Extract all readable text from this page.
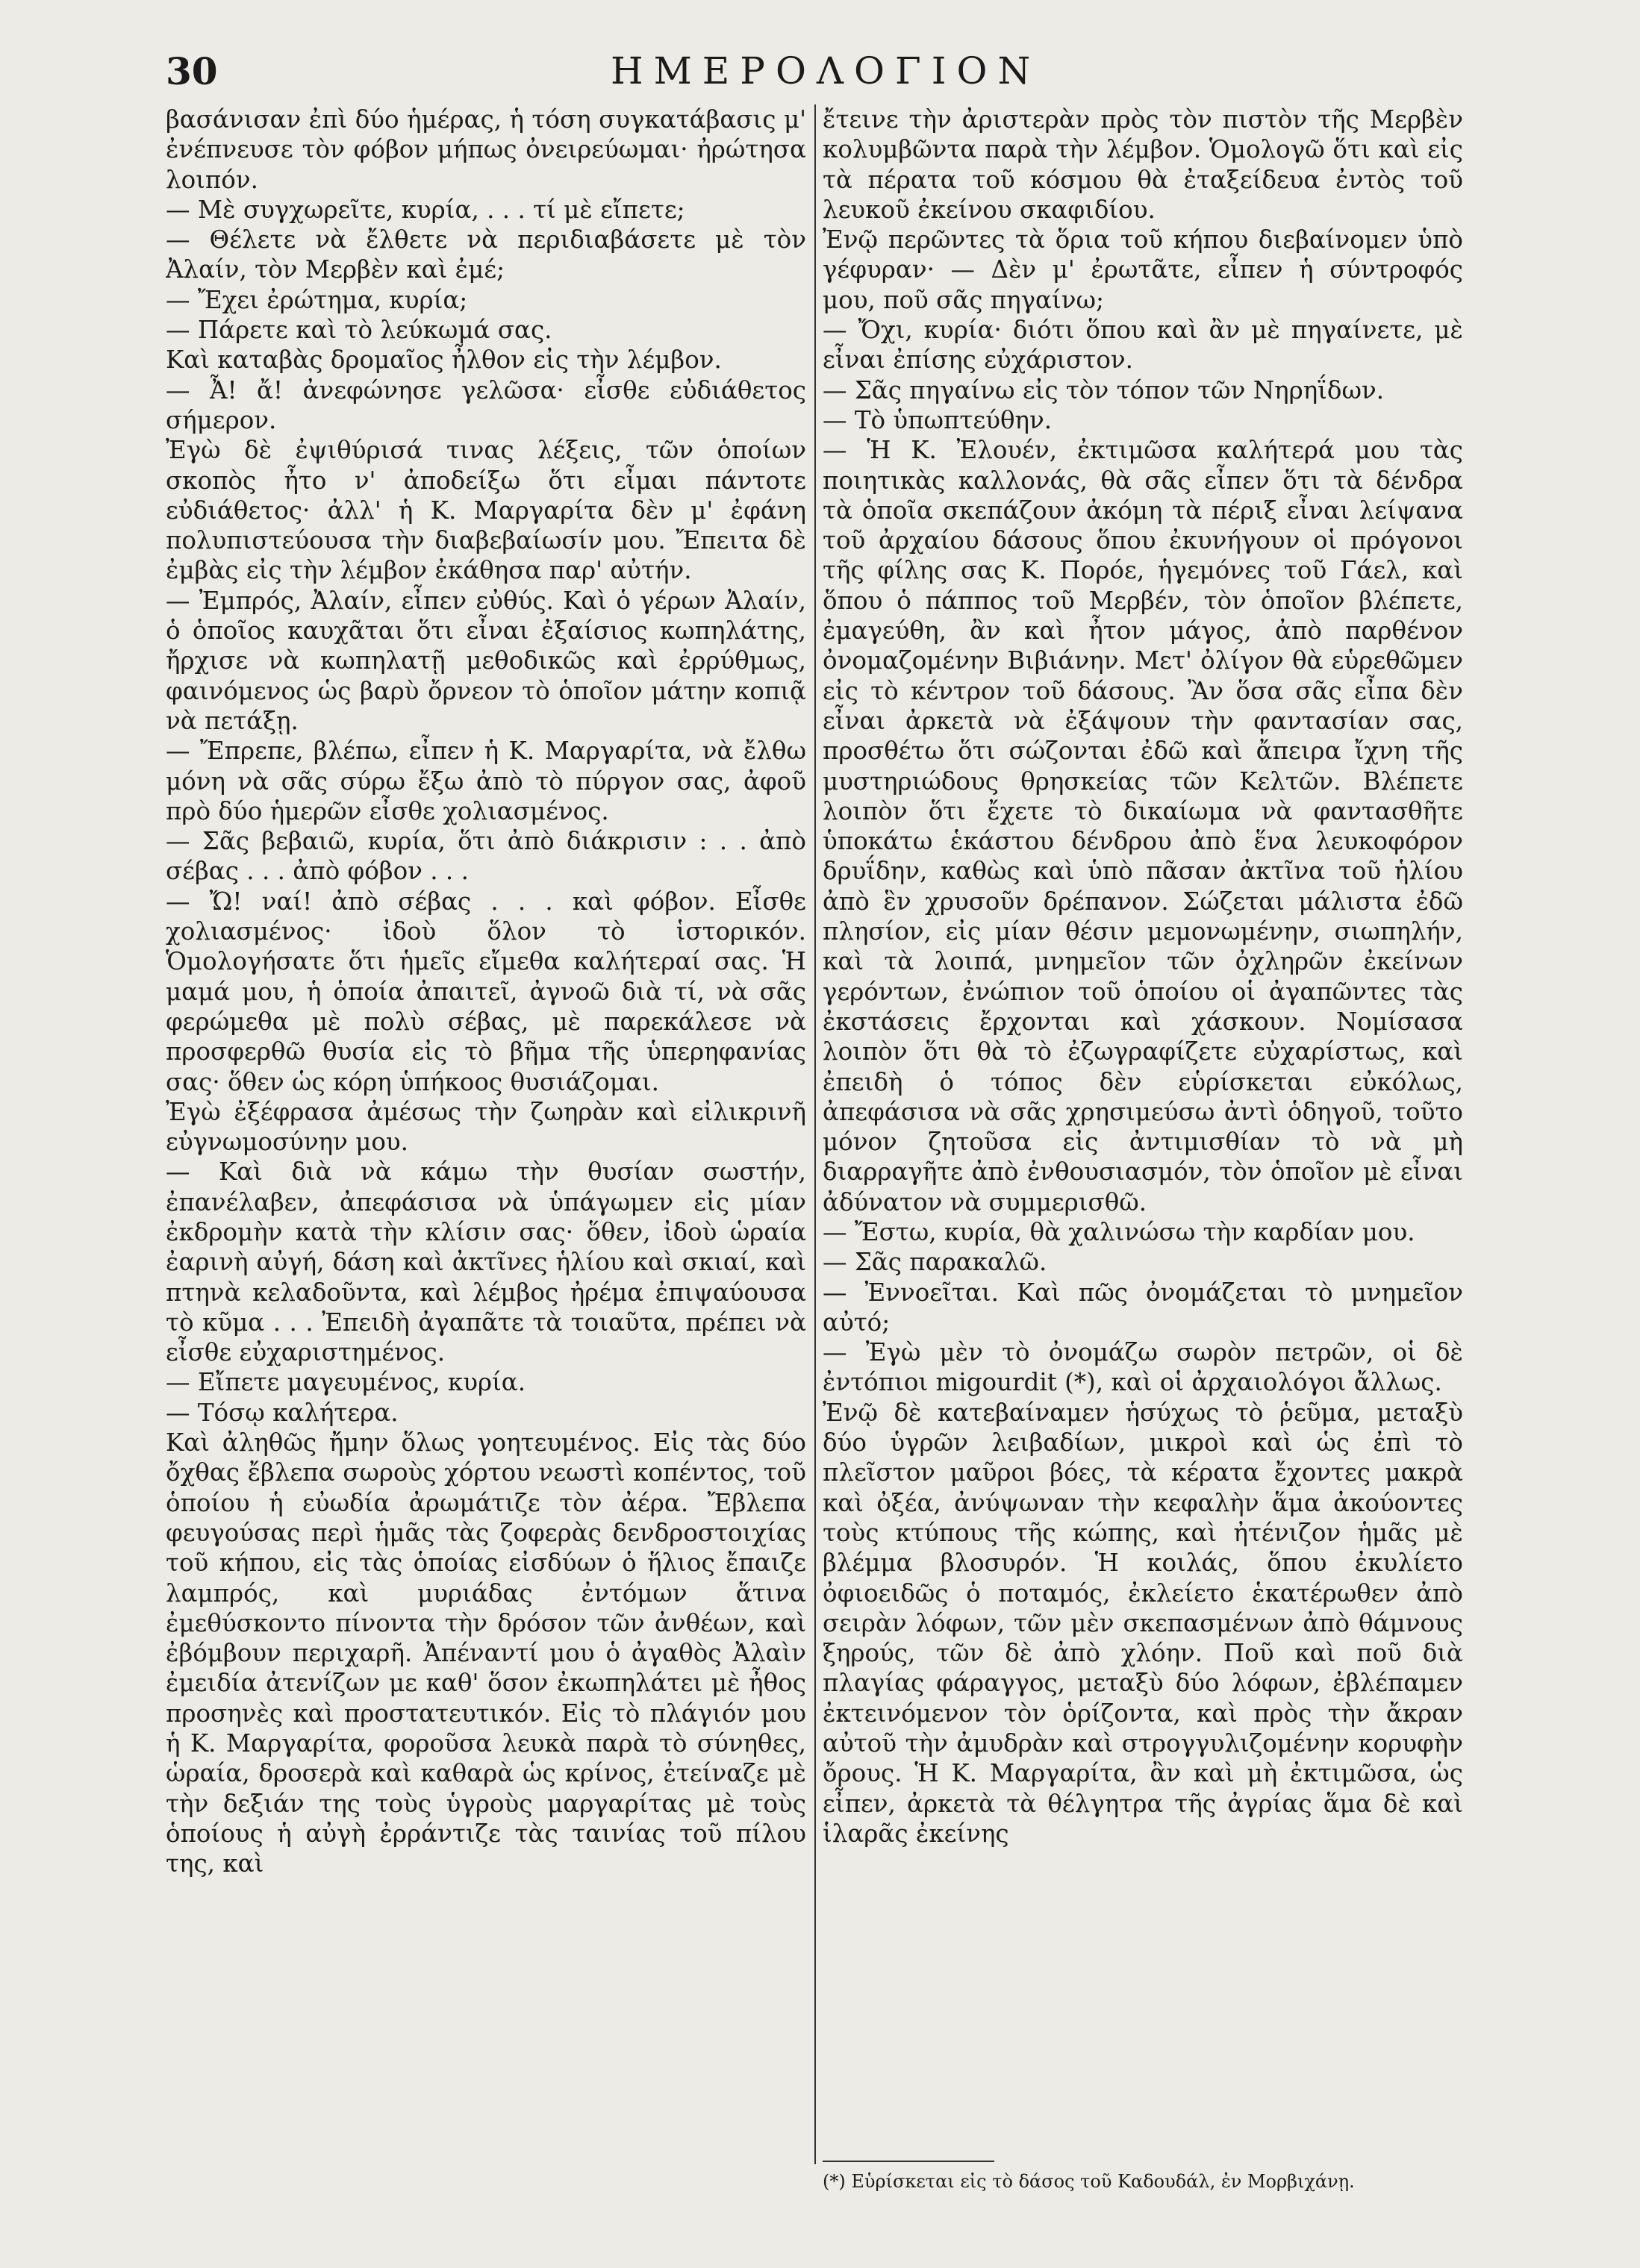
30	ΗΜΕΡΟΛΟΓΙΟΝ

βασάνισαν ἐπὶ δύο ἡμέρας, ἡ τόση συγκατάβασις μ' ἐνέπνευσε τὸν φόβον μήπως ὀνειρεύωμαι· ἠρώτησα λοιπόν.

— Μὲ συγχωρεῖτε, κυρία, . . . τί μὲ εἴπετε;

— Θέλετε νὰ ἔλθετε νὰ περιδιαβάσετε μὲ τὸν Ἀλαίν, τὸν Μερβὲν καὶ ἐμέ;

— Ἔχει ἐρώτημα, κυρία;

— Πάρετε καὶ τὸ λεύκωμά σας.

Καὶ καταβὰς δρομαῖος ἦλθον εἰς τὴν λέμβον.

— Ἆ! ἄ! ἀνεφώνησε γελῶσα· εἶσθε εὐδιάθετος σήμερον.

Ἐγὼ δὲ ἐψιθύρισά τινας λέξεις, τῶν ὁποίων σκοπὸς ἦτο ν' ἀποδείξω ὅτι εἶμαι πάντοτε εὐδιάθετος· ἀλλ' ἡ Κ. Μαργαρίτα δὲν μ' ἐφάνη πολυπιστεύουσα τὴν διαβεβαίωσίν μου. Ἔπειτα δὲ ἐμβὰς εἰς τὴν λέμβον ἐκάθησα παρ' αὐτήν.

— Ἐμπρός, Ἀλαίν, εἶπεν εὐθύς. Καὶ ὁ γέρων Ἀλαίν, ὁ ὁποῖος καυχᾶται ὅτι εἶναι ἐξαίσιος κωπηλάτης, ἤρχισε νὰ κωπηλατῇ μεθοδικῶς καὶ ἐρρύθμως, φαινόμενος ὡς βαρὺ ὄρνεον τὸ ὁποῖον μάτην κοπιᾷ νὰ πετάξῃ.

— Ἔπρεπε, βλέπω, εἶπεν ἡ Κ. Μαργαρίτα, νὰ ἔλθω μόνη νὰ σᾶς σύρω ἔξω ἀπὸ τὸ πύργον σας, ἀφοῦ πρὸ δύο ἡμερῶν εἶσθε χολιασμένος.

— Σᾶς βεβαιῶ, κυρία, ὅτι ἀπὸ διάκρισιν : . . ἀπὸ σέβας . . . ἀπὸ φόβον . . .

— Ὤ! ναί! ἀπὸ σέβας . . . καὶ φόβον. Εἶσθε χολιασμένος· ἰδοὺ ὅλον τὸ ἱστορικόν. Ὁμολογήσατε ὅτι ἡμεῖς εἴμεθα καλήτεραί σας. Ἡ μαμά μου, ἡ ὁποία ἀπαιτεῖ, ἀγνοῶ διὰ τί, νὰ σᾶς φερώμεθα μὲ πολὺ σέβας, μὲ παρεκάλεσε νὰ προσφερθῶ θυσία εἰς τὸ βῆμα τῆς ὑπερηφανίας σας· ὅθεν ὡς κόρη ὑπήκοος θυσιάζομαι.

Ἐγὼ ἐξέφρασα ἀμέσως τὴν ζωηρὰν καὶ εἰλικρινῆ εὐγνωμοσύνην μου.

— Καὶ διὰ νὰ κάμω τὴν θυσίαν σωστήν, ἐπανέλαβεν, ἀπεφάσισα νὰ ὑπάγωμεν εἰς μίαν ἐκδρομὴν κατὰ τὴν κλίσιν σας· ὅθεν, ἰδοὺ ὡραία ἐαρινὴ αὐγή, δάση καὶ ἀκτῖνες ἡλίου καὶ σκιαί, καὶ πτηνὰ κελαδοῦντα, καὶ λέμβος ἠρέμα ἐπιψαύουσα τὸ κῦμα . . . Ἐπειδὴ ἀγαπᾶτε τὰ τοιαῦτα, πρέπει νὰ εἶσθε εὐχαριστημένος.

— Εἴπετε μαγευμένος, κυρία.

— Τόσῳ καλήτερα.

Καὶ ἀληθῶς ἤμην ὅλως γοητευμένος. Εἰς τὰς δύο ὄχθας ἔβλεπα σωροὺς χόρτου νεωστὶ κοπέντος, τοῦ ὁποίου ἡ εὐωδία ἀρωμάτιζε τὸν ἀέρα. Ἔβλεπα φευγούσας περὶ ἡμᾶς τὰς ζοφερὰς δενδροστοιχίας τοῦ κήπου, εἰς τὰς ὁποίας εἰσδύων ὁ ἥλιος ἔπαιζε λαμπρός, καὶ μυριάδας ἐντόμων ἅτινα ἐμεθύσκοντο πίνοντα τὴν δρόσον τῶν ἀνθέων, καὶ ἐβόμβουν περιχαρῆ. Ἀπέναντί μου ὁ ἀγαθὸς Ἀλαὶν ἐμειδία ἀτενίζων με καθ' ὅσον ἐκωπηλάτει μὲ ἦθος προσηνὲς καὶ προστατευτικόν. Εἰς τὸ πλάγιόν μου ἡ Κ. Μαργαρίτα, φοροῦσα λευκὰ παρὰ τὸ σύνηθες, ὡραία, δροσερὰ καὶ καθαρὰ ὡς κρίνος, ἐτείναζε μὲ τὴν δεξιάν της τοὺς ὑγροὺς μαργαρίτας μὲ τοὺς ὁποίους ἡ αὐγὴ ἐρράντιζε τὰς ταινίας τοῦ πίλου της, καὶ

ἔτεινε τὴν ἀριστερὰν πρὸς τὸν πιστὸν τῆς Μερβὲν κολυμβῶντα παρὰ τὴν λέμβον. Ὁμολογῶ ὅτι καὶ εἰς τὰ πέρατα τοῦ κόσμου θὰ ἐταξείδευα ἐντὸς τοῦ λευκοῦ ἐκείνου σκαφιδίου.

Ἐνῷ περῶντες τὰ ὅρια τοῦ κήπου διεβαίνομεν ὑπὸ γέφυραν· — Δὲν μ' ἐρωτᾶτε, εἶπεν ἡ σύντροφός μου, ποῦ σᾶς πηγαίνω;

— Ὄχι, κυρία· διότι ὅπου καὶ ἂν μὲ πηγαίνετε, μὲ εἶναι ἐπίσης εὐχάριστον.

— Σᾶς πηγαίνω εἰς τὸν τόπον τῶν Νηρηΐδων.

— Τὸ ὑπωπτεύθην.

— Ἡ Κ. Ἐλουέν, ἐκτιμῶσα καλήτερά μου τὰς ποιητικὰς καλλονάς, θὰ σᾶς εἶπεν ὅτι τὰ δένδρα τὰ ὁποῖα σκεπάζουν ἀκόμη τὰ πέριξ εἶναι λείψανα τοῦ ἀρχαίου δάσους ὅπου ἐκυνήγουν οἱ πρόγονοι τῆς φίλης σας Κ. Πορόε, ἡγεμόνες τοῦ Γάελ, καὶ ὅπου ὁ πάππος τοῦ Μερβέν, τὸν ὁποῖον βλέπετε, ἐμαγεύθη, ἂν καὶ ἦτον μάγος, ἀπὸ παρθένον ὀνομαζομένην Βιβιάνην. Μετ' ὀλίγον θὰ εὑρεθῶμεν εἰς τὸ κέντρον τοῦ δάσους. Ἂν ὅσα σᾶς εἶπα δὲν εἶναι ἀρκετὰ νὰ ἐξάψουν τὴν φαντασίαν σας, προσθέτω ὅτι σώζονται ἐδῶ καὶ ἄπειρα ἴχνη τῆς μυστηριώδους θρησκείας τῶν Κελτῶν. Βλέπετε λοιπὸν ὅτι ἔχετε τὸ δικαίωμα νὰ φαντασθῆτε ὑποκάτω ἑκάστου δένδρου ἀπὸ ἕνα λευκοφόρον δρυΐδην, καθὼς καὶ ὑπὸ πᾶσαν ἀκτῖνα τοῦ ἡλίου ἀπὸ ἓν χρυσοῦν δρέπανον. Σώζεται μάλιστα ἐδῶ πλησίον, εἰς μίαν θέσιν μεμονωμένην, σιωπηλήν, καὶ τὰ λοιπά, μνημεῖον τῶν ὀχληρῶν ἐκείνων γερόντων, ἐνώπιον τοῦ ὁποίου οἱ ἀγαπῶντες τὰς ἐκστάσεις ἔρχονται καὶ χάσκουν. Νομίσασα λοιπὸν ὅτι θὰ τὸ ἐζωγραφίζετε εὐχαρίστως, καὶ ἐπειδὴ ὁ τόπος δὲν εὑρίσκεται εὐκόλως, ἀπεφάσισα νὰ σᾶς χρησιμεύσω ἀντὶ ὁδηγοῦ, τοῦτο μόνον ζητοῦσα εἰς ἀντιμισθίαν τὸ νὰ μὴ διαρραγῆτε ἀπὸ ἐνθουσιασμόν, τὸν ὁποῖον μὲ εἶναι ἀδύνατον νὰ συμμερισθῶ.

— Ἔστω, κυρία, θὰ χαλινώσω τὴν καρδίαν μου.

— Σᾶς παρακαλῶ.

— Ἐννοεῖται. Καὶ πῶς ὀνομάζεται τὸ μνημεῖον αὐτό;

— Ἐγὼ μὲν τὸ ὀνομάζω σωρὸν πετρῶν, οἱ δὲ ἐντόπιοι migourdit (*), καὶ οἱ ἀρχαιολόγοι ἄλλως.

Ἐνῷ δὲ κατεβαίναμεν ἡσύχως τὸ ῥεῦμα, μεταξὺ δύο ὑγρῶν λειβαδίων, μικροὶ καὶ ὡς ἐπὶ τὸ πλεῖστον μαῦροι βόες, τὰ κέρατα ἔχοντες μακρὰ καὶ ὀξέα, ἀνύψωναν τὴν κεφαλὴν ἅμα ἀκούοντες τοὺς κτύπους τῆς κώπης, καὶ ἠτένιζον ἡμᾶς μὲ βλέμμα βλοσυρόν. Ἡ κοιλάς, ὅπου ἐκυλίετο ὀφιοειδῶς ὁ ποταμός, ἐκλείετο ἑκατέρωθεν ἀπὸ σειρὰν λόφων, τῶν μὲν σκεπασμένων ἀπὸ θάμνους ξηρούς, τῶν δὲ ἀπὸ χλόην. Ποῦ καὶ ποῦ διὰ πλαγίας φάραγγος, μεταξὺ δύο λόφων, ἐβλέπαμεν ἐκτεινόμενον τὸν ὁρίζοντα, καὶ πρὸς τὴν ἄκραν αὐτοῦ τὴν ἀμυδρὰν καὶ στρογγυλιζομένην κορυφὴν ὄρους. Ἡ Κ. Μαργαρίτα, ἂν καὶ μὴ ἐκτιμῶσα, ὡς εἶπεν, ἀρκετὰ τὰ θέλγητρα τῆς ἀγρίας ἅμα δὲ καὶ ἱλαρᾶς ἐκείνης

(*) Εὑρίσκεται εἰς τὸ δάσος τοῦ Καδουδάλ, ἐν Μορβιχάνῃ.
